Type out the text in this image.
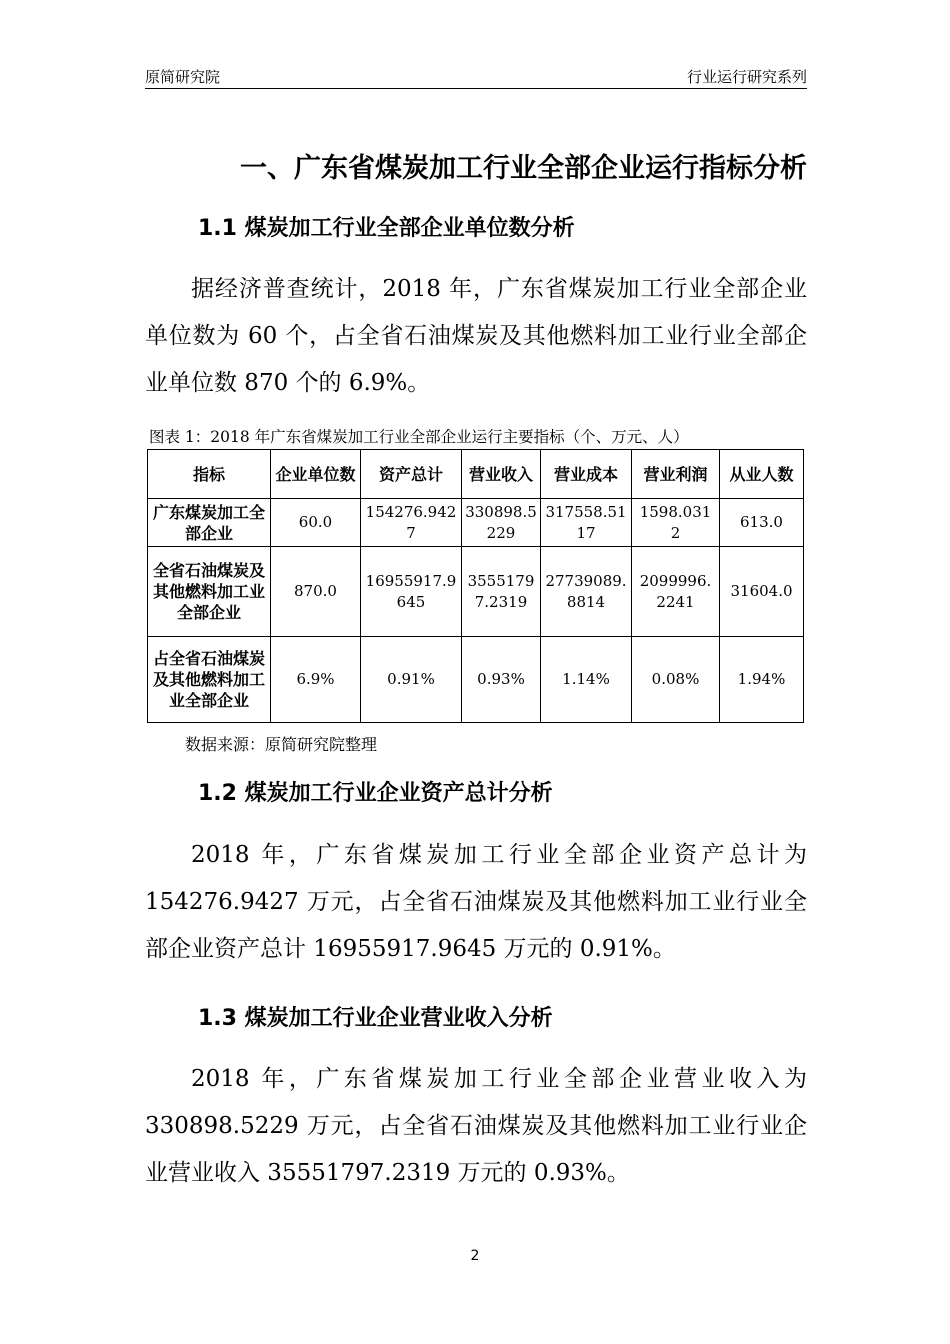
原简研究院	行业运行研究系列
一、广东省煤炭加工行业全部企业运行指标分析
1.1 煤炭加工行业全部企业单位数分析

据经济普查统计，2018 年，广东省煤炭加工行业全部企业单位数为 60 个，占全省石油煤炭及其他燃料加工业行业全部企业单位数 870 个的 6.9%。

图表 1：2018 年广东省煤炭加工行业全部企业运行主要指标（个、万元、人）
指标	企业单位数	资产总计	营业收入	营业成本	营业利润	从业人数
广东煤炭加工全部企业	60.0	154276.9427	330898.5229	317558.5117	1598.0312	613.0
全省石油煤炭及其他燃料加工业全部企业	870.0	16955917.9645	35551797.2319	27739089.8814	2099996.2241	31604.0
占全省石油煤炭及其他燃料加工业全部企业	6.9%	0.91%	0.93%	1.14%	0.08%	1.94%
数据来源：原简研究院整理
1.2 煤炭加工行业企业资产总计分析

2018 年，广东省煤炭加工行业全部企业资产总计为 154276.9427 万元，占全省石油煤炭及其他燃料加工业行业全部企业资产总计 16955917.9645 万元的 0.91%。

1.3 煤炭加工行业企业营业收入分析

2018 年，广东省煤炭加工行业全部企业营业收入为 330898.5229 万元，占全省石油煤炭及其他燃料加工业行业企业营业收入 35551797.2319 万元的 0.93%。

2
